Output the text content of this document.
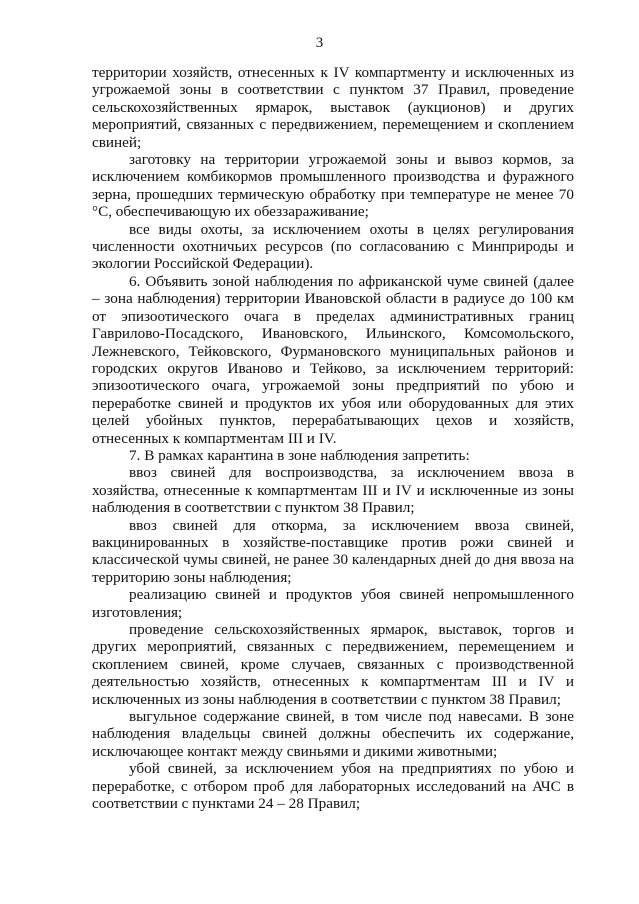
3

территории хозяйств, отнесенных к IV компартменту и исключенных из угрожаемой зоны в соответствии с пунктом 37 Правил, проведение сельскохозяйственных ярмарок, выставок (аукционов) и других мероприятий, связанных с передвижением, перемещением и скоплением свиней;

заготовку на территории угрожаемой зоны и вывоз кормов, за исключением комбикормов промышленного производства и фуражного зерна, прошедших термическую обработку при температуре не менее 70 °С, обеспечивающую их обеззараживание;

все виды охоты, за исключением охоты в целях регулирования численности охотничьих ресурсов (по согласованию с Минприроды и экологии Российской Федерации).

6. Объявить зоной наблюдения по африканской чуме свиней (далее – зона наблюдения) территории Ивановской области в радиусе до 100 км от эпизоотического очага в пределах административных границ Гаврилово-Посадского, Ивановского, Ильинского, Комсомольского, Лежневского, Тейковского, Фурмановского муниципальных районов и городских округов Иваново и Тейково, за исключением территорий: эпизоотического очага, угрожаемой зоны предприятий по убою и переработке свиней и продуктов их убоя или оборудованных для этих целей убойных пунктов, перерабатывающих цехов и хозяйств, отнесенных к компартментам III и IV.

7. В рамках карантина в зоне наблюдения запретить:

ввоз свиней для воспроизводства, за исключением ввоза в хозяйства, отнесенные к компартментам III и IV и исключенные из зоны наблюдения в соответствии с пунктом 38 Правил;

ввоз свиней для откорма, за исключением ввоза свиней, вакцинированных в хозяйстве-поставщике против рожи свиней и классической чумы свиней, не ранее 30 календарных дней до дня ввоза на территорию зоны наблюдения;

реализацию свиней и продуктов убоя свиней непромышленного изготовления;

проведение сельскохозяйственных ярмарок, выставок, торгов и других мероприятий, связанных с передвижением, перемещением и скоплением свиней, кроме случаев, связанных с производственной деятельностью хозяйств, отнесенных к компартментам III и IV и исключенных из зоны наблюдения в соответствии с пунктом 38 Правил;

выгульное содержание свиней, в том числе под навесами. В зоне наблюдения владельцы свиней должны обеспечить их содержание, исключающее контакт между свиньями и дикими животными;

убой свиней, за исключением убоя на предприятиях по убою и переработке, с отбором проб для лабораторных исследований на АЧС в соответствии с пунктами 24 – 28 Правил;
